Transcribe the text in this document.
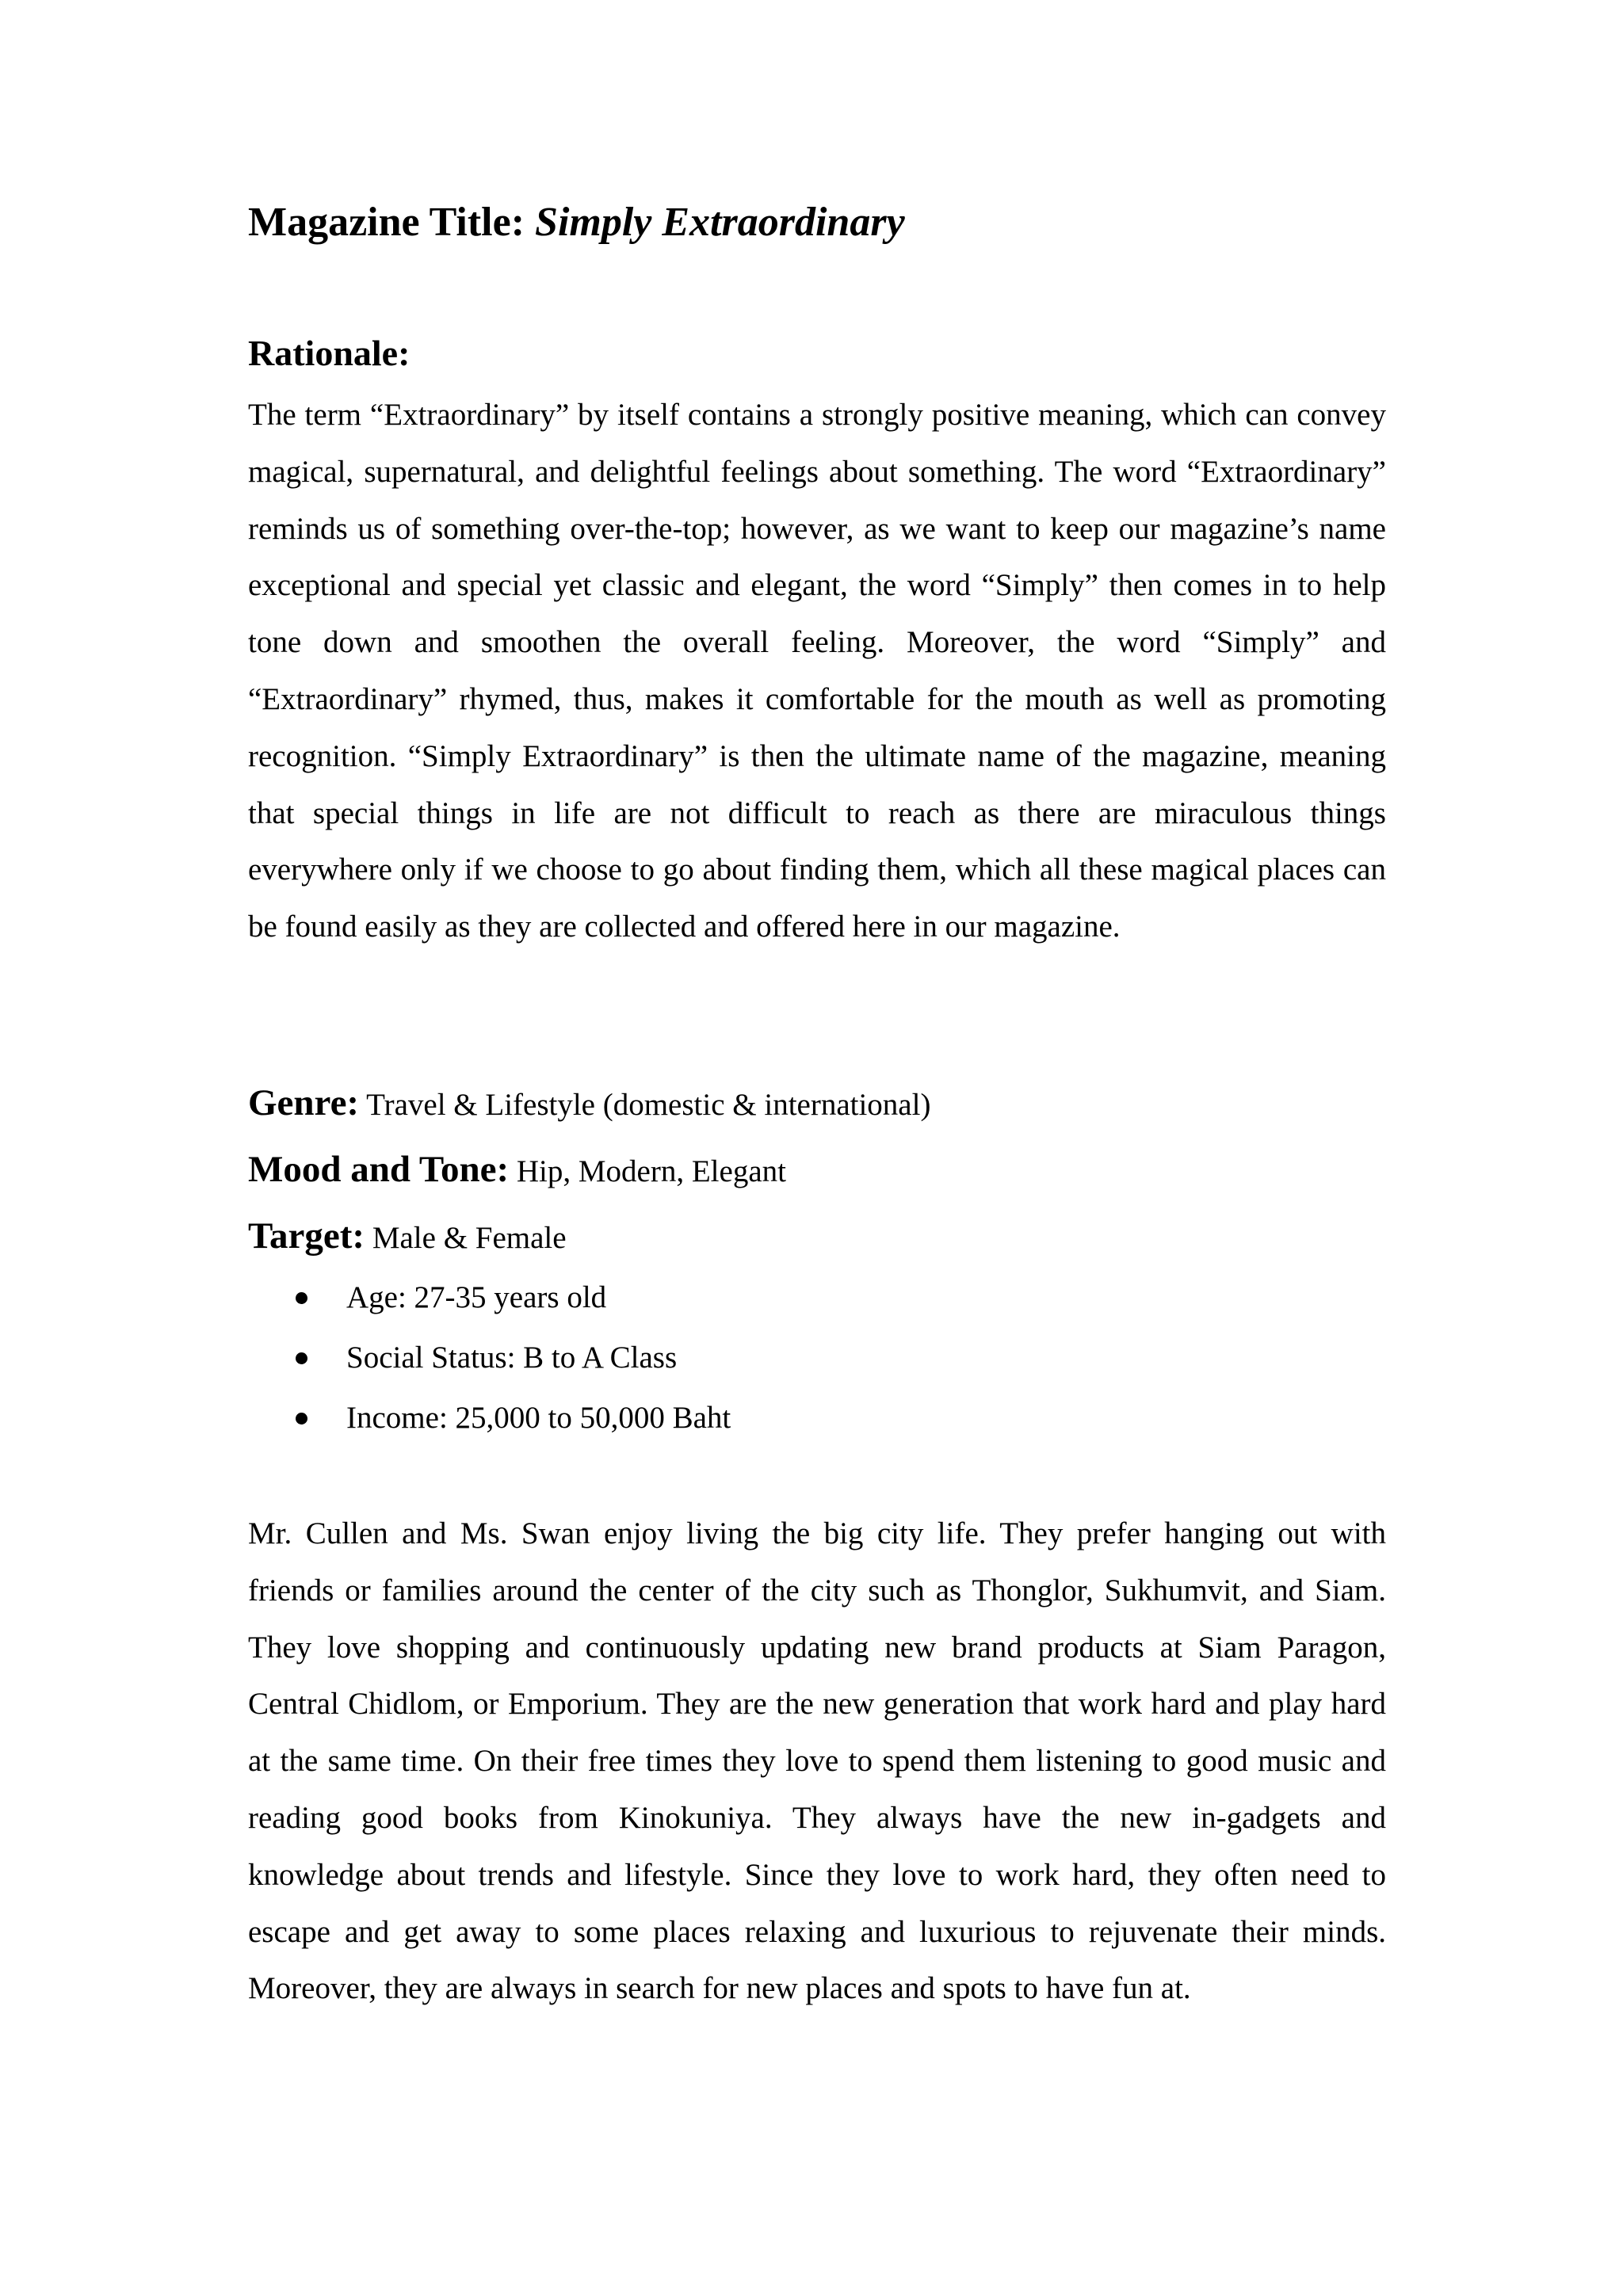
Magazine Title: Simply Extraordinary
Rationale:

The term “Extraordinary” by itself contains a strongly positive meaning, which can convey magical, supernatural, and delightful feelings about something. The word “Extraordinary” reminds us of something over-the-top; however, as we want to keep our magazine’s name exceptional and special yet classic and elegant, the word “Simply” then comes in to help tone down and smoothen the overall feeling. Moreover, the word “Simply” and “Extraordinary” rhymed, thus, makes it comfortable for the mouth as well as promoting recognition. “Simply Extraordinary” is then the ultimate name of the magazine, meaning that special things in life are not difficult to reach as there are miraculous things everywhere only if we choose to go about finding them, which all these magical places can be found easily as they are collected and offered here in our magazine.

Genre: Travel & Lifestyle (domestic & international)

Mood and Tone: Hip, Modern, Elegant

Target: Male & Female

Age: 27-35 years old
Social Status: B to A Class
Income: 25,000 to 50,000 Baht

Mr. Cullen and Ms. Swan enjoy living the big city life. They prefer hanging out with friends or families around the center of the city such as Thonglor, Sukhumvit, and Siam. They love shopping and continuously updating new brand products at Siam Paragon, Central Chidlom, or Emporium. They are the new generation that work hard and play hard at the same time. On their free times they love to spend them listening to good music and reading good books from Kinokuniya. They always have the new in-gadgets and knowledge about trends and lifestyle. Since they love to work hard, they often need to escape and get away to some places relaxing and luxurious to rejuvenate their minds. Moreover, they are always in search for new places and spots to have fun at.
